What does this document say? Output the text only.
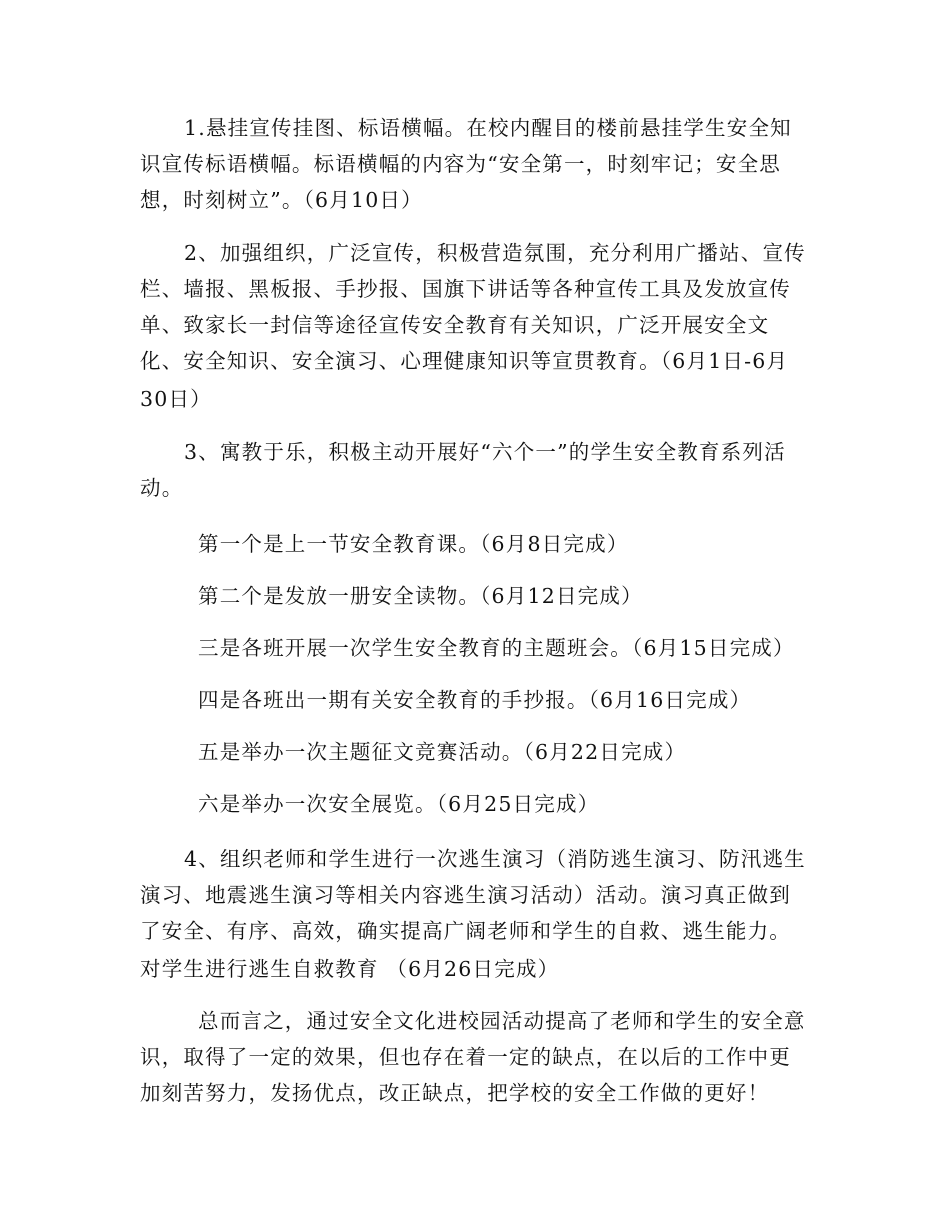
1.悬挂宣传挂图、标语横幅。在校内醒目的楼前悬挂学生安全知
识宣传标语横幅。标语横幅的内容为“安全第一，时刻牢记；安全思
想，时刻树立”。（6月10日）
2、加强组织，广泛宣传，积极营造氛围，充分利用广播站、宣传
栏、墙报、黑板报、手抄报、国旗下讲话等各种宣传工具及发放宣传
单、致家长一封信等途径宣传安全教育有关知识，广泛开展安全文
化、安全知识、安全演习、心理健康知识等宣贯教育。（6月1日-6月
30日）
3、寓教于乐，积极主动开展好“六个一”的学生安全教育系列活
动。
第一个是上一节安全教育课。（6月8日完成）
第二个是发放一册安全读物。（6月12日完成）
三是各班开展一次学生安全教育的主题班会。（6月15日完成）
四是各班出一期有关安全教育的手抄报。（6月16日完成）
五是举办一次主题征文竞赛活动。（6月22日完成）
六是举办一次安全展览。（6月25日完成）
4、组织老师和学生进行一次逃生演习（消防逃生演习、防汛逃生
演习、地震逃生演习等相关内容逃生演习活动）活动。演习真正做到
了安全、有序、高效，确实提高广阔老师和学生的自救、逃生能力。
对学生进行逃生自救教育 （6月26日完成）
总而言之，通过安全文化进校园活动提高了老师和学生的安全意
识，取得了一定的效果，但也存在着一定的缺点，在以后的工作中更
加刻苦努力，发扬优点，改正缺点，把学校的安全工作做的更好！
